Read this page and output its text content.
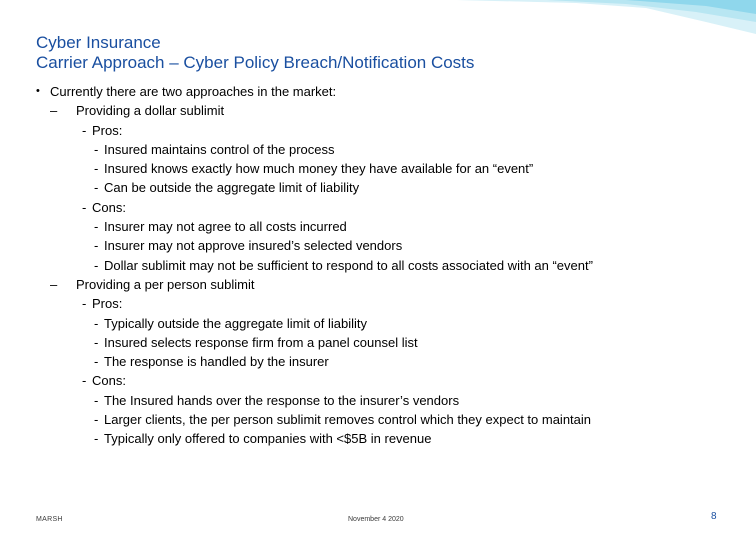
Cyber Insurance
Carrier Approach – Cyber Policy Breach/Notification Costs
• Currently there are two approaches in the market:
–	Providing a dollar sublimit
- Pros:
- Insured maintains control of the process
- Insured knows exactly how much money they have available for an “event”
- Can be outside the aggregate limit of liability
- Cons:
- Insurer may not agree to all costs incurred
- Insurer may not approve insured’s selected vendors
- Dollar sublimit may not be sufficient to respond to all costs associated with an “event”
–	Providing a per person sublimit
- Pros:
- Typically outside the aggregate limit of liability
- Insured selects response firm from a panel counsel list
- The response is handled by the insurer
- Cons:
- The Insured hands over the response to the insurer’s vendors
- Larger clients, the per person sublimit removes control which they expect to maintain
- Typically only offered to companies with <$5B in revenue
MARSH	November 4 2020	8
